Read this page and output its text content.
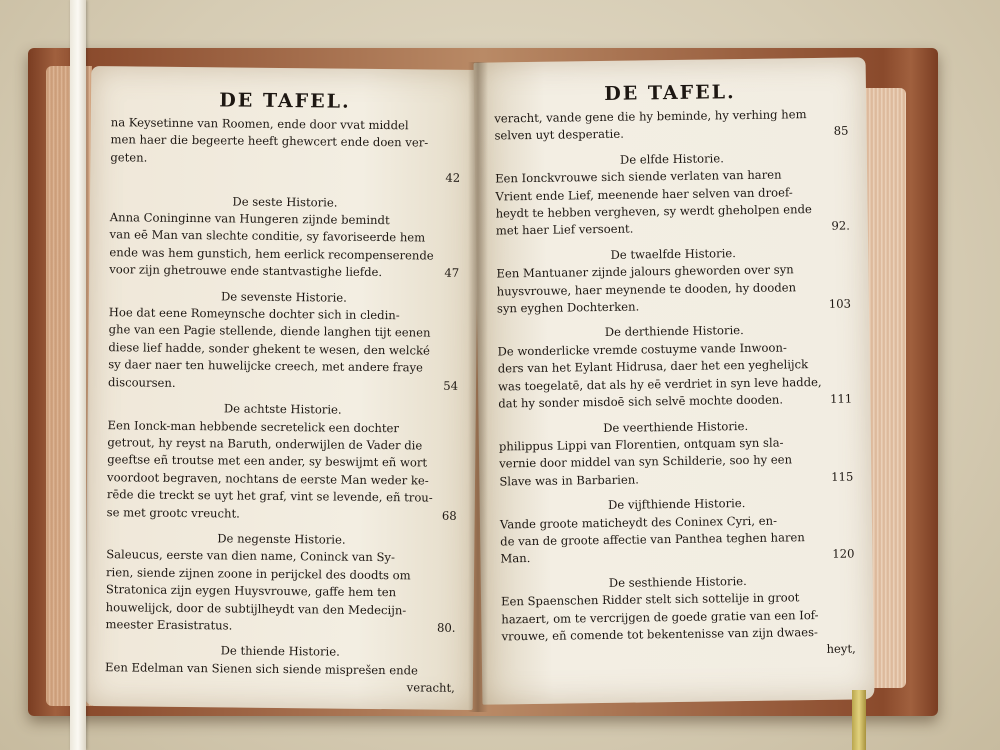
DE TAFEL.
na Keysetinne van Roomen, ende door vvat middel
men haer die begeerte heeft ghewcert ende doen ver-
geten.
42
De seste Historie.
Anna Coninginne van Hungeren zijnde bemindt
van eē Man van slechte conditie, sy favoriseerde hem
ende was hem gunstich, hem eerlick recompenserende
47
voor zijn ghetrouwe ende stantvastighe liefde.
De sevenste Historie.
Hoe dat eene Romeynsche dochter sich in cledin-
ghe van een Pagie stellende, diende langhen tijt eenen
diese lief hadde, sonder ghekent te wesen, den welcké
sy daer naer ten huwelijcke creech, met andere fraye
54
discoursen.
De achtste Historie.
Een Ionck-man hebbende secretelick een dochter
getrout, hy reyst na Baruth, onderwijlen de Vader die
geeftse eñ troutse met een ander, sy beswijmt eñ wort
voordoot begraven, nochtans de eerste Man weder ke-
rēde die treckt se uyt het graf, vint se levende, eñ trou-
68
se met grootc vreucht.
De negenste Historie.
Saleucus, eerste van dien name, Coninck van Sy-
rien, siende zijnen zoone in perijckel des doodts om
Stratonica zijn eygen Huysvrouwe, gaffe hem ten
houwelijck, door de subtijlheydt van den Medecijn-
80.
meester Erasistratus.
De thiende Historie.
Een Edelman van Sienen sich siende misprešen ende
veracht,
DE TAFEL.
veracht, vande gene die hy beminde, hy verhing hem
85
selven uyt desperatie.
De elfde Historie.
Een Ionckvrouwe sich siende verlaten van haren
Vrient ende Lief, meenende haer selven van droef-
heydt te hebben vergheven, sy werdt gheholpen ende
92.
met haer Lief versoent.
De twaelfde Historie.
Een Mantuaner zijnde jalours gheworden over syn
huysvrouwe, haer meynende te dooden, hy dooden
103
syn eyghen Dochterken.
De derthiende Historie.
De wonderlicke vremde costuyme vande Inwoon-
ders van het Eylant Hidrusa, daer het een yeghelijck
was toegelatē, dat als hy eē verdriet in syn leve hadde,
111
dat hy sonder misdoē sich selvē mochte dooden.
De veerthiende Historie.
philippus Lippi van Florentien, ontquam syn sla-
vernie door middel van syn Schilderie, soo hy een
115
Slave was in Barbarien.
De vijfthiende Historie.
Vande groote maticheydt des Coninex Cyri, en-
de van de groote affectie van Panthea teghen haren
120
Man.
De sesthiende Historie.
Een Spaenschen Ridder stelt sich sottelije in groot
hazaert, om te vercrijgen de goede gratie van een Iof-
vrouwe, eñ comende tot bekentenisse van zijn dwaes-
heyt,
